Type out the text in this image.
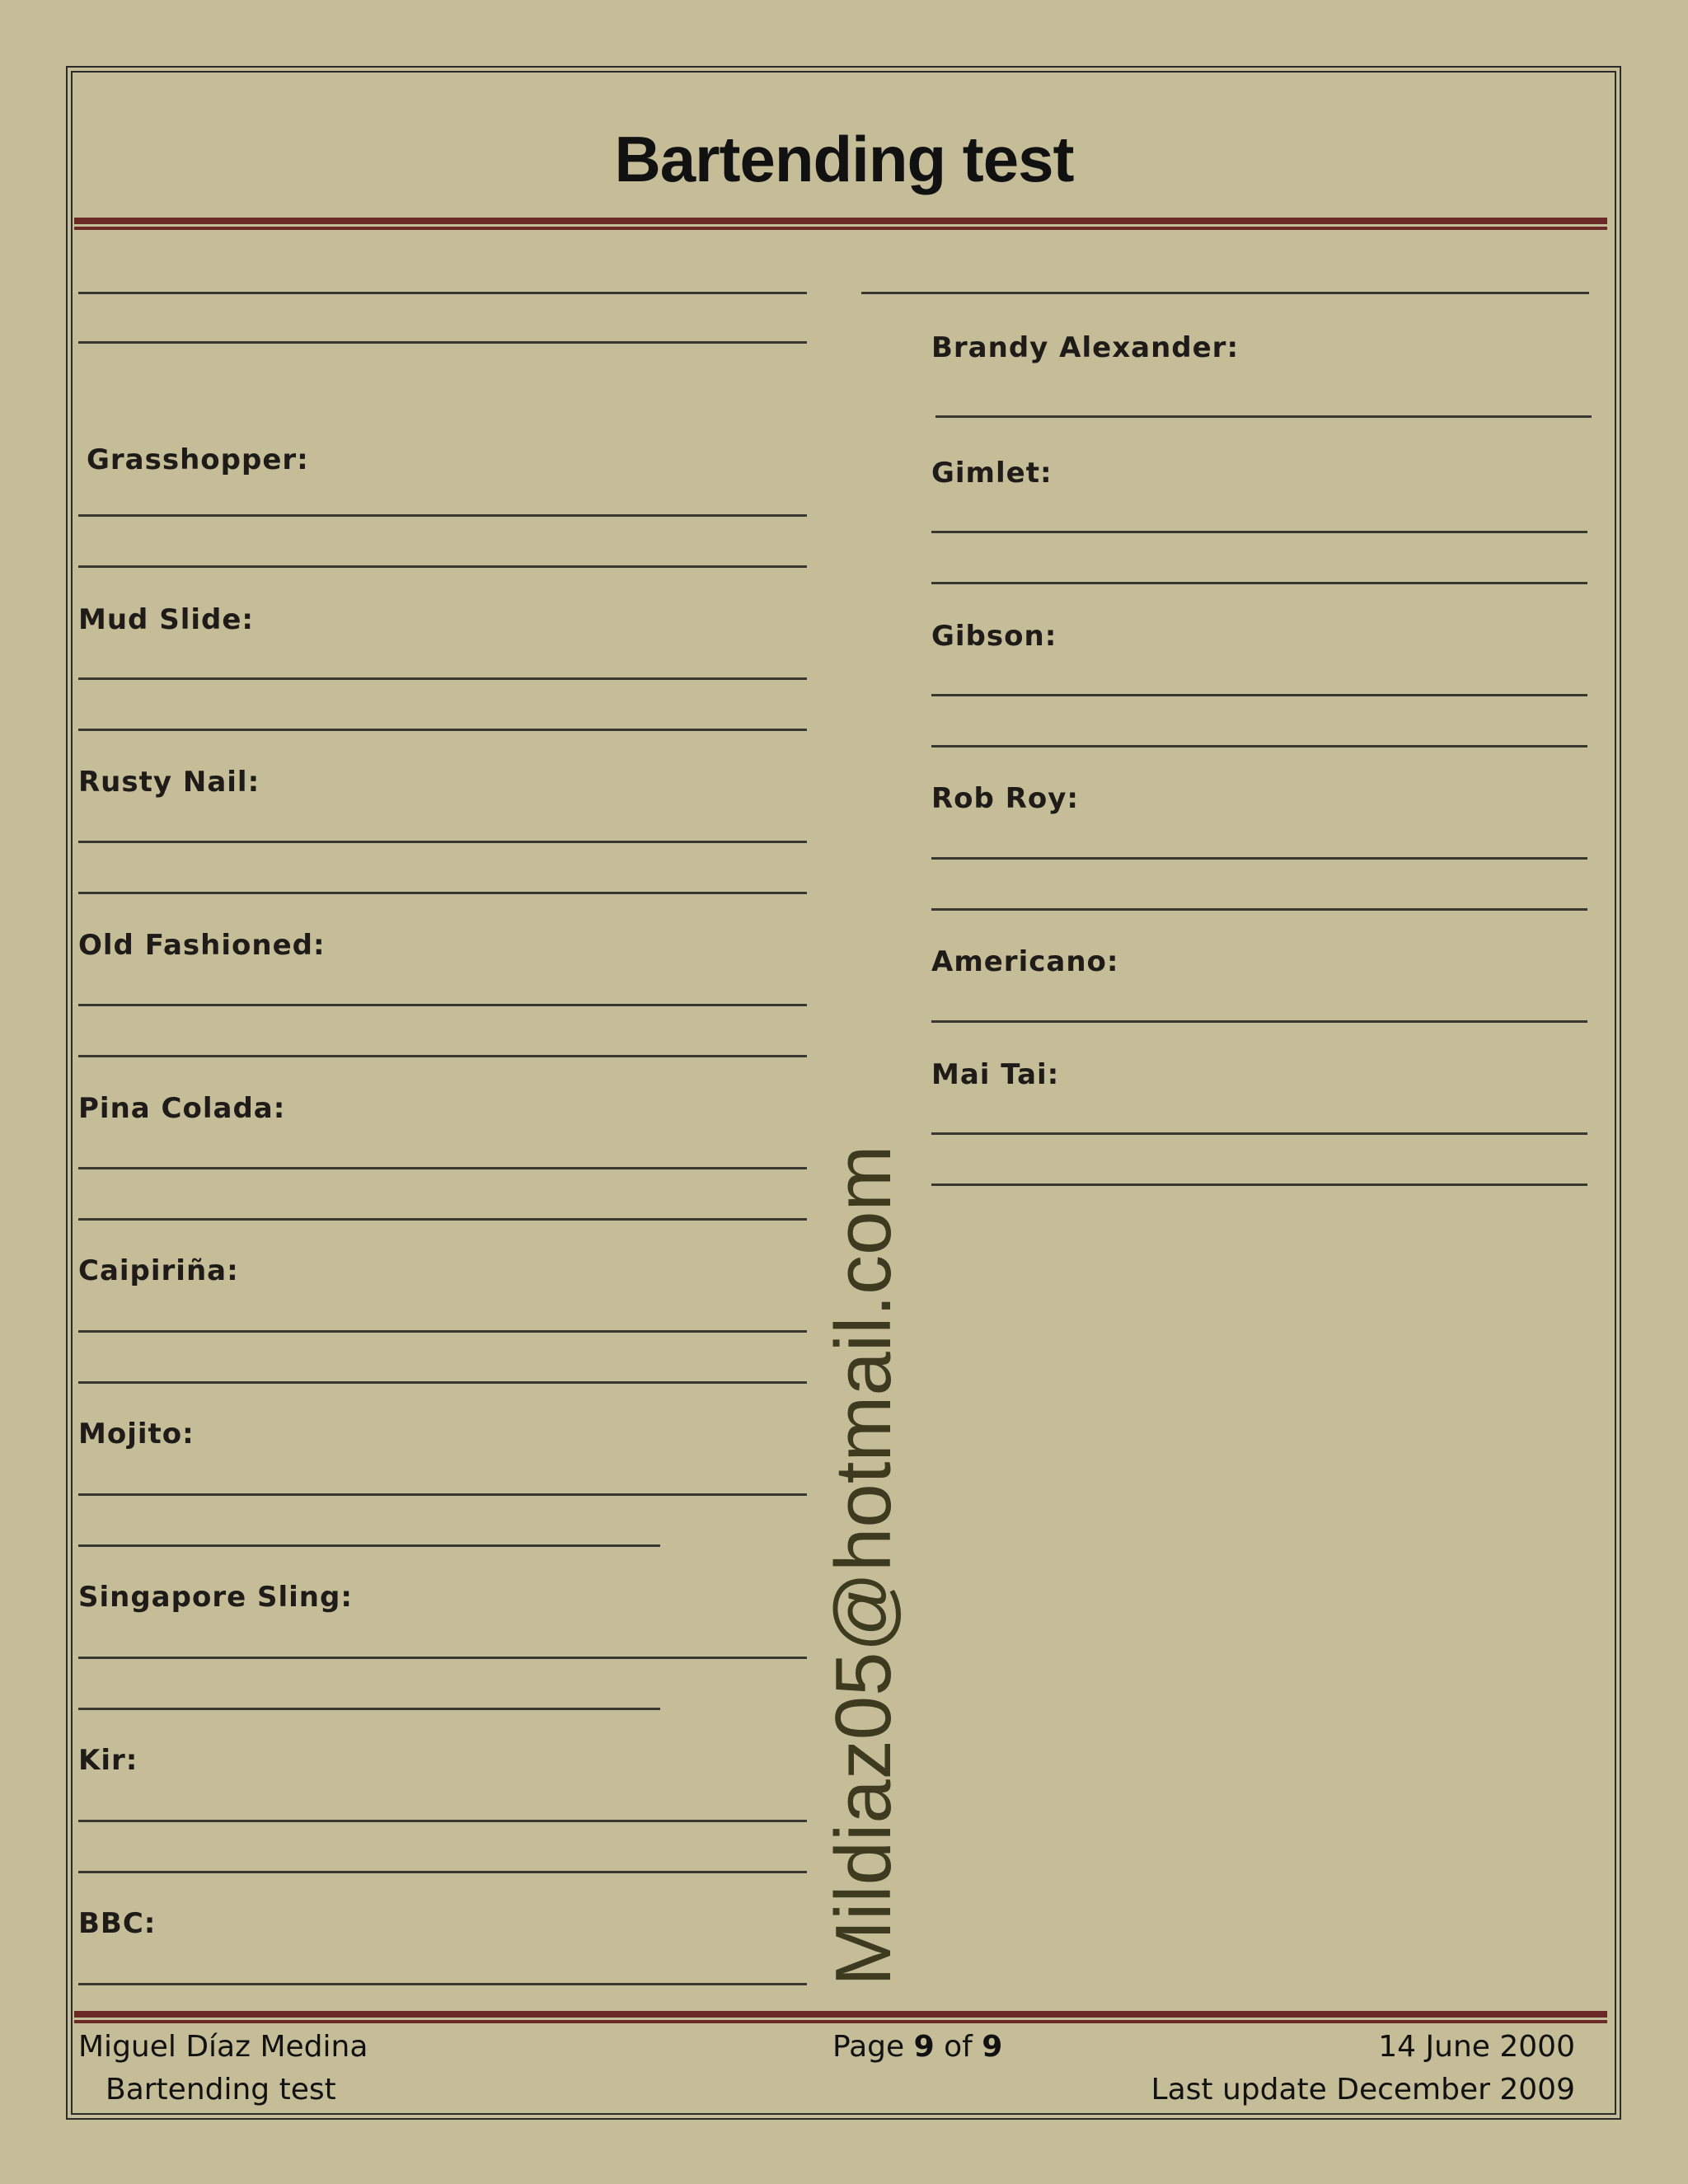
Bartending test
Grasshopper:
Mud Slide:
Rusty Nail:
Old Fashioned:
Pina Colada:
Caipiriña:
Mojito:
Singapore Sling:
Kir:
BBC:
Brandy Alexander:
Gimlet:
Gibson:
Rob Roy:
Americano:
Mai Tai:
Mildiaz05@hotmail.com
Miguel Díaz Medina
Bartending test
Page 9 of 9	14 June 2000
Last update December 2009
